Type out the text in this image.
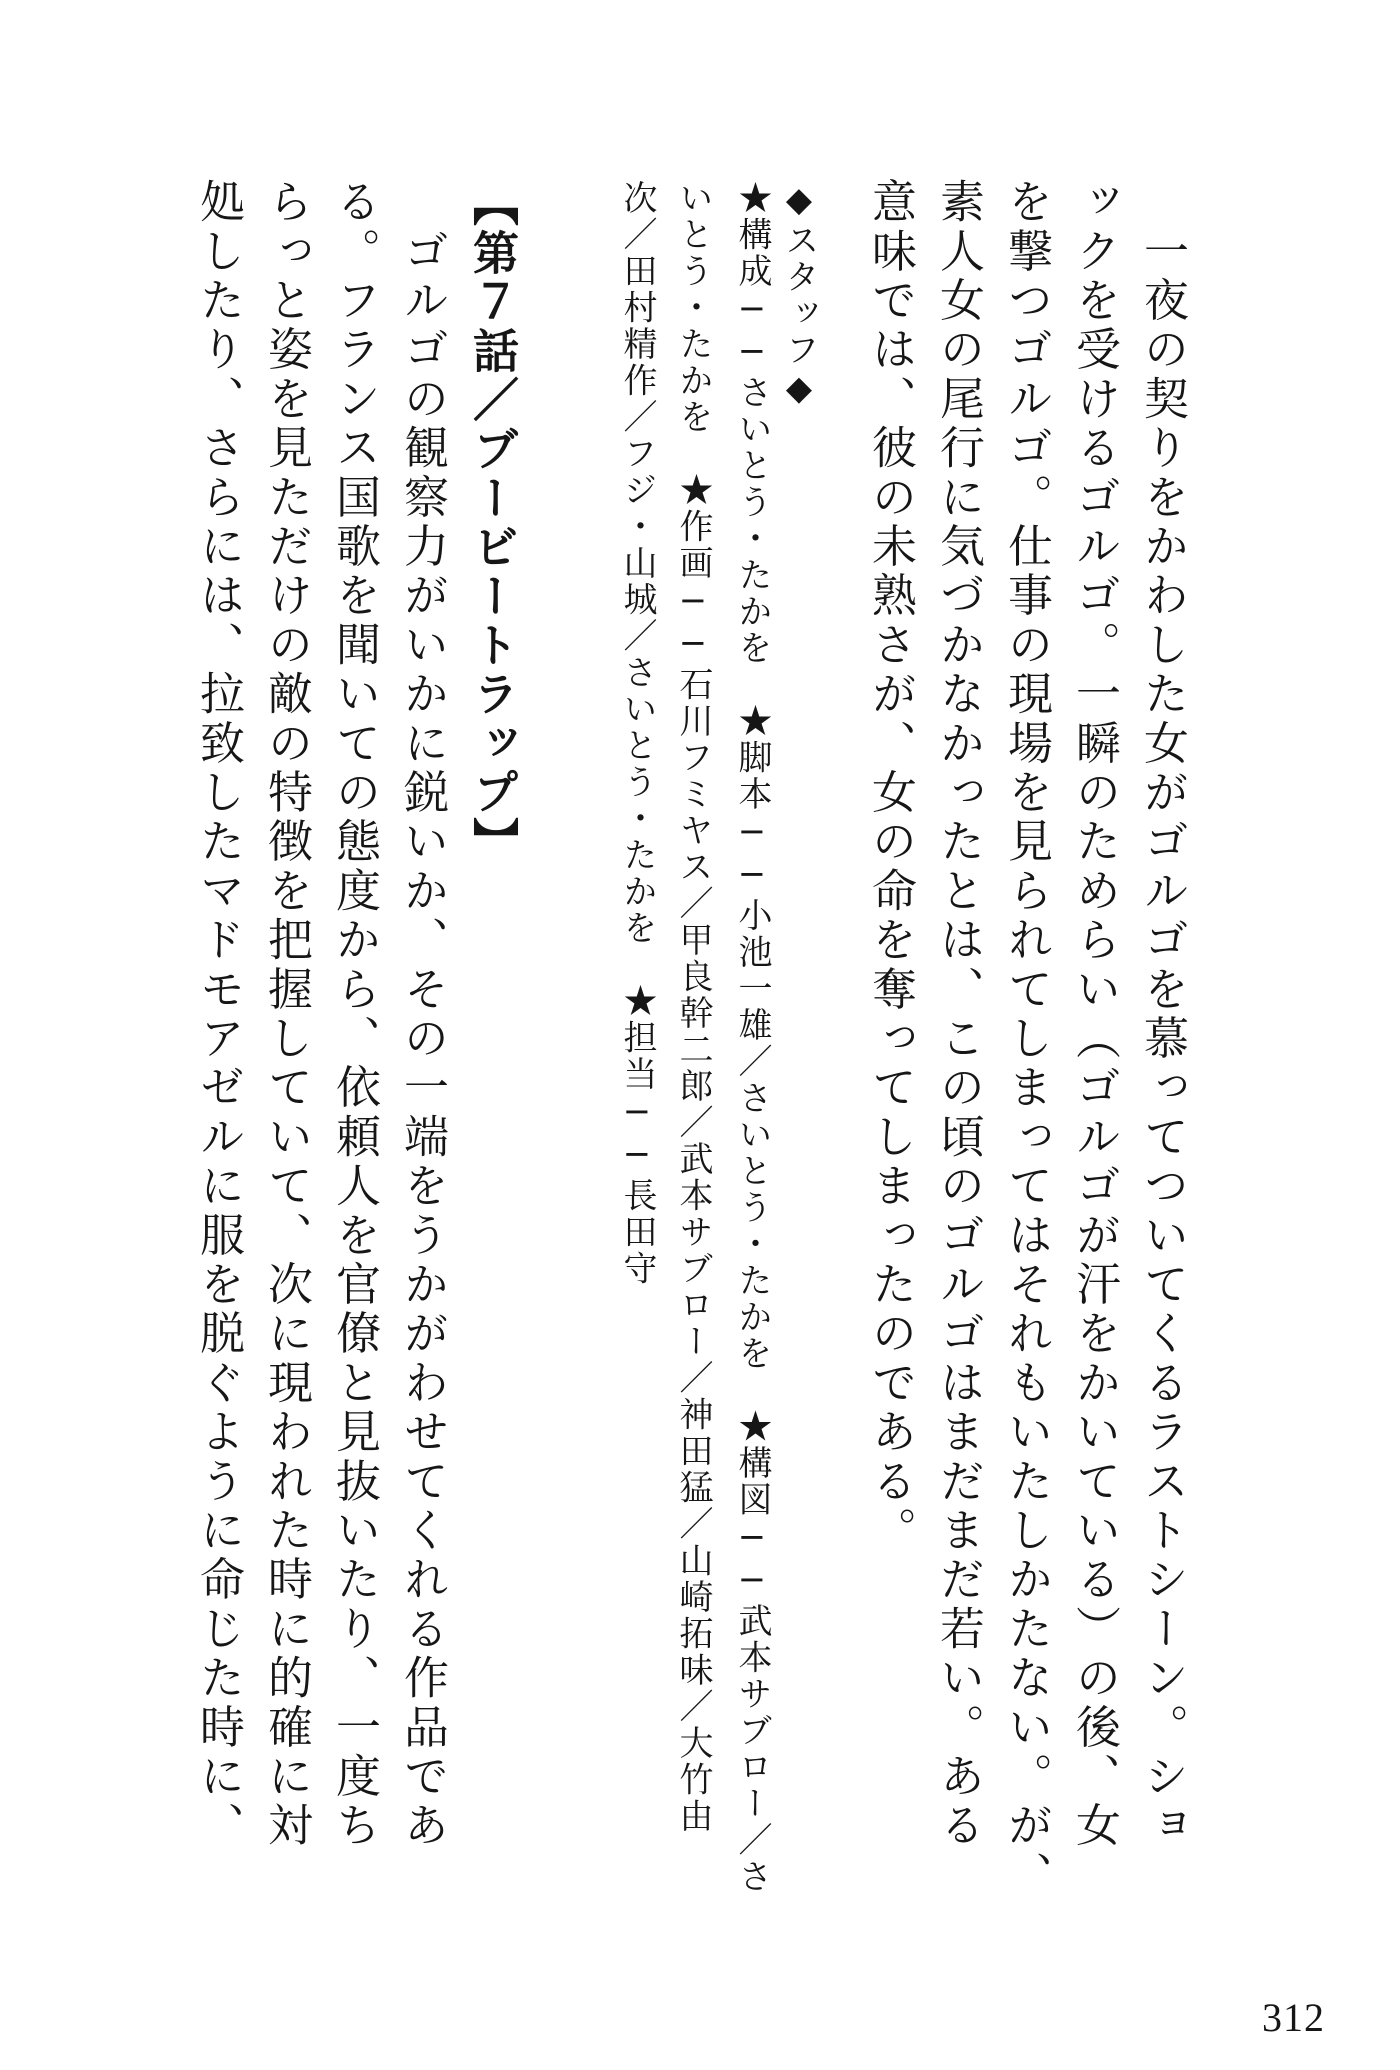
　一夜の契りをかわした女がゴルゴを慕ってついてくるラストシーン。ショ
ックを受けるゴルゴ。一瞬のためらい（ゴルゴが汗をかいている）の後、女
を撃つゴルゴ。仕事の現場を見られてしまってはそれもいたしかたない。が、
素人女の尾行に気づかなかったとは、この頃のゴルゴはまだまだ若い。ある
意味では、彼の未熟さが、女の命を奪ってしまったのである。
◆スタッフ◆
★構成──さいとう・たかを　★脚本──小池一雄／さいとう・たかを　★構図──武本サブロー／さ
いとう・たかを　★作画──石川フミヤス／甲良幹二郎／武本サブロー／神田猛／山崎拓味／大竹由
次／田村精作／フジ・山城／さいとう・たかを　★担当──長田守
【第７話／ブービートラップ】
　ゴルゴの観察力がいかに鋭いか、その一端をうかがわせてくれる作品であ
る。フランス国歌を聞いての態度から、依頼人を官僚と見抜いたり、一度ち
らっと姿を見ただけの敵の特徴を把握していて、次に現われた時に的確に対
処したり、さらには、拉致したマドモアゼルに服を脱ぐように命じた時に、
312
